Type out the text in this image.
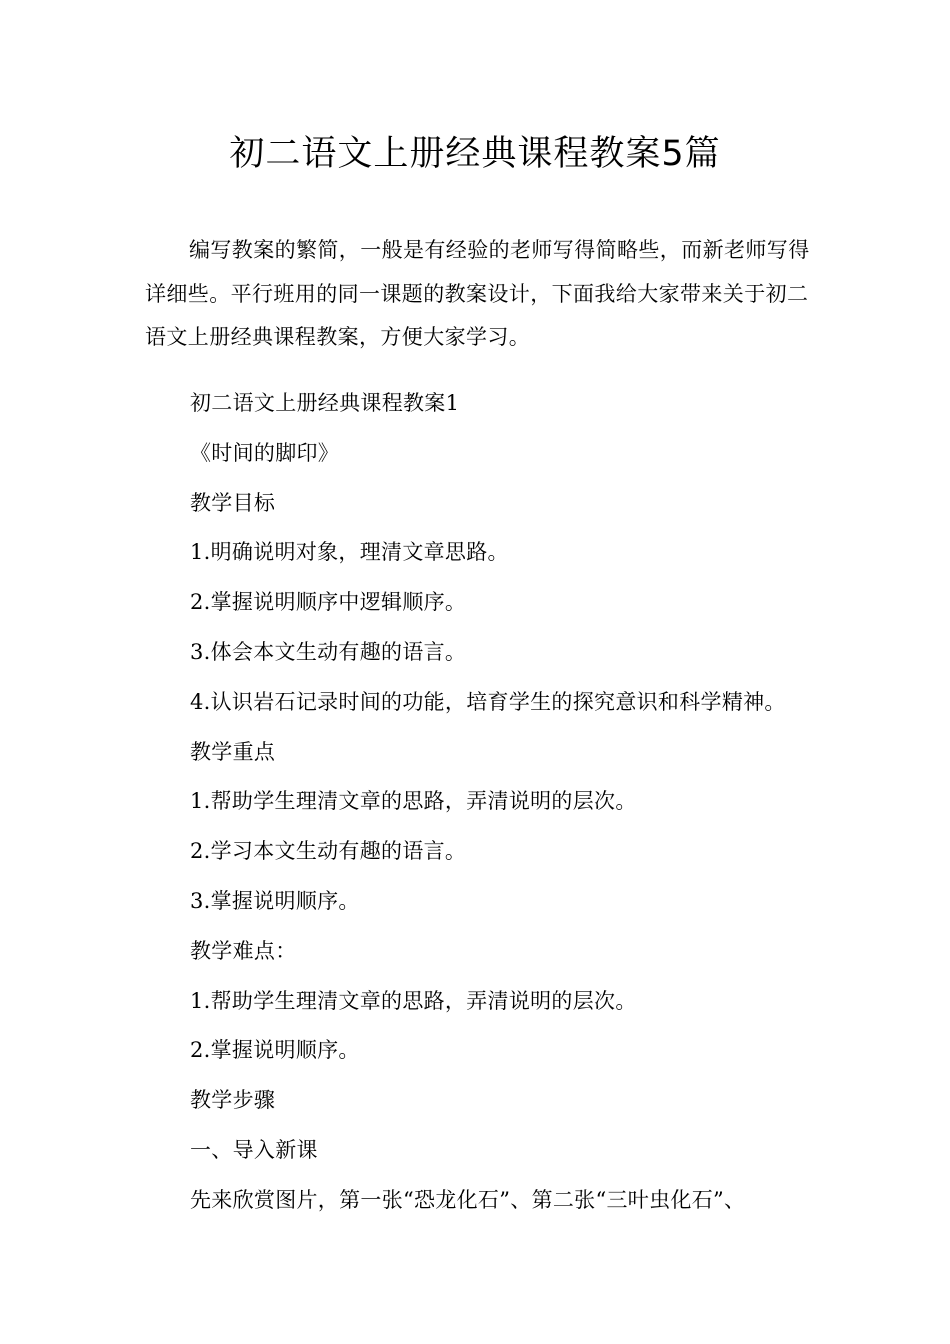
初二语文上册经典课程教案5篇

编写教案的繁简，一般是有经验的老师写得简略些，而新老师写得详细些。平行班用的同一课题的教案设计，下面我给大家带来关于初二语文上册经典课程教案，方便大家学习。

初二语文上册经典课程教案1
《时间的脚印》
教学目标
1.明确说明对象，理清文章思路。
2.掌握说明顺序中逻辑顺序。
3.体会本文生动有趣的语言。
4.认识岩石记录时间的功能，培育学生的探究意识和科学精神。
教学重点
1.帮助学生理清文章的思路，弄清说明的层次。
2.学习本文生动有趣的语言。
3.掌握说明顺序。
教学难点：
1.帮助学生理清文章的思路，弄清说明的层次。
2.掌握说明顺序。
教学步骤
一、导入新课
先来欣赏图片，第一张“恐龙化石”、第二张“三叶虫化石”、
